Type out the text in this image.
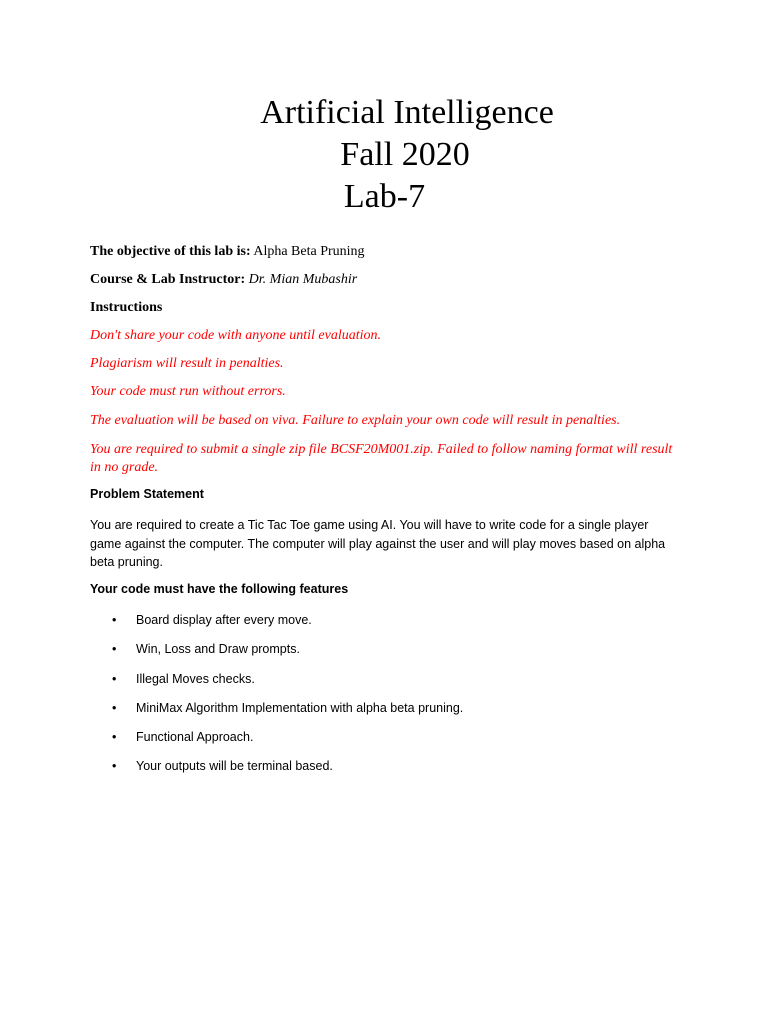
Artificial Intelligence
Fall 2020
Lab-7
The objective of this lab is: Alpha Beta Pruning
Course & Lab Instructor: Dr. Mian Mubashir
Instructions
Don't share your code with anyone until evaluation.
Plagiarism will result in penalties.
Your code must run without errors.
The evaluation will be based on viva. Failure to explain your own code will result in penalties.
You are required to submit a single zip file BCSF20M001.zip. Failed to follow naming format will result in no grade.
Problem Statement
You are required to create a Tic Tac Toe game using AI. You will have to write code for a single player game against the computer. The computer will play against the user and will play moves based on alpha beta pruning.
Your code must have the following features
• Board display after every move.
• Win, Loss and Draw prompts.
• Illegal Moves checks.
• MiniMax Algorithm Implementation with alpha beta pruning.
• Functional Approach.
• Your outputs will be terminal based.
